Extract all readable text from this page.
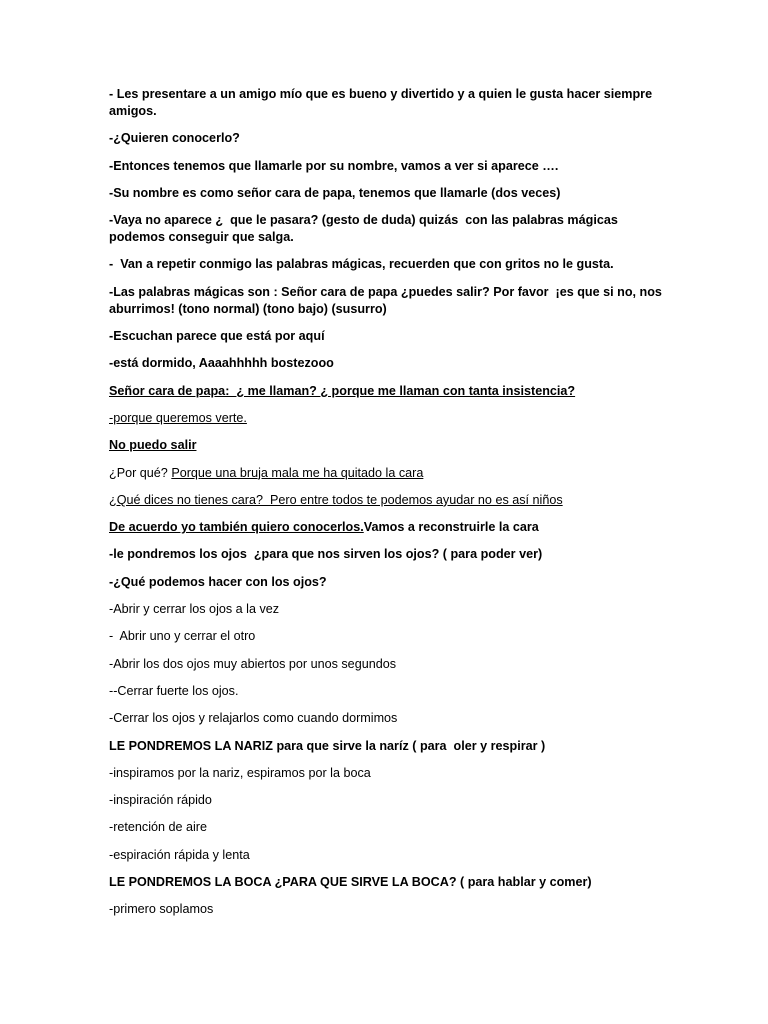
- Les presentare a un amigo mío que es bueno y divertido y a quien le gusta hacer siempre amigos.

-¿Quieren conocerlo?

-Entonces tenemos que llamarle por su nombre, vamos a ver si aparece ….

-Su nombre es como señor cara de papa, tenemos que llamarle (dos veces)

-Vaya no aparece ¿  que le pasara? (gesto de duda) quizás  con las palabras mágicas podemos conseguir que salga.

-  Van a repetir conmigo las palabras mágicas, recuerden que con gritos no le gusta.

-Las palabras mágicas son : Señor cara de papa ¿puedes salir? Por favor  ¡es que si no, nos aburrimos! (tono normal) (tono bajo) (susurro)

-Escuchan parece que está por aquí

-está dormido, Aaaahhhhh bostezooo

Señor cara de papa:  ¿ me llaman? ¿ porque me llaman con tanta insistencia?

-porque queremos verte.

No puedo salir

¿Por qué? Porque una bruja mala me ha quitado la cara

¿Qué dices no tienes cara?  Pero entre todos te podemos ayudar no es así niños

De acuerdo yo también quiero conocerlos.Vamos a reconstruirle la cara

-le pondremos los ojos  ¿para que nos sirven los ojos? ( para poder ver)

-¿Qué podemos hacer con los ojos?

-Abrir y cerrar los ojos a la vez

-  Abrir uno y cerrar el otro

-Abrir los dos ojos muy abiertos por unos segundos

--Cerrar fuerte los ojos.

-Cerrar los ojos y relajarlos como cuando dormimos

LE PONDREMOS LA NARIZ para que sirve la naríz ( para  oler y respirar )

-inspiramos por la nariz, espiramos por la boca

-inspiración rápido

-retención de aire

-espiración rápida y lenta

LE PONDREMOS LA BOCA ¿PARA QUE SIRVE LA BOCA? ( para hablar y comer)

-primero soplamos
